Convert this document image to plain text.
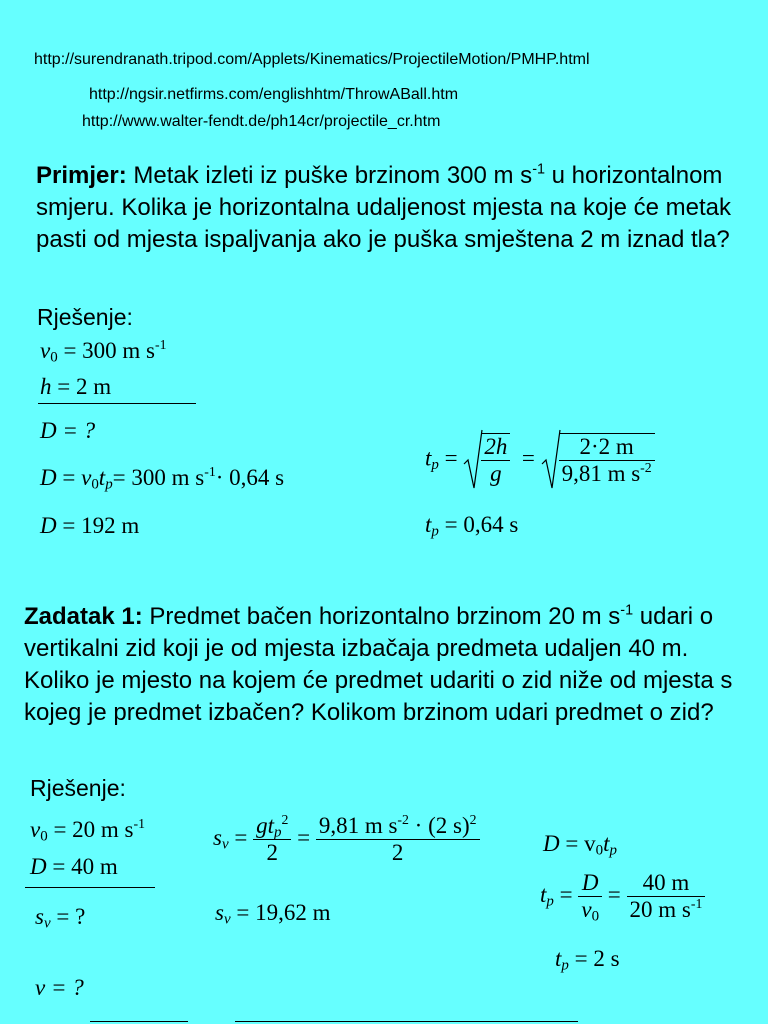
http://surendranath.tripod.com/Applets/Kinematics/ProjectileMotion/PMHP.html
http://ngsir.netfirms.com/englishhtm/ThrowABall.htm
http://www.walter-fendt.de/ph14cr/projectile_cr.htm
Primjer: Metak izleti iz puške brzinom 300 m $s^{-1}$ u horizontalnom smjeru. Kolika je horizontalna udaljenost mjesta na koje će metak pasti od mjesta ispaljvanja ako je puška smještena 2 m iznad tla?
Rješenje:
$v_0 = 300$ m $s^{-1}$
h = 2 m
D = ?
$D = v_0t_p= 300$ m $s^{-1}\cdot 0,64$ s
D = 192 m
$t_p = \frac{2h}{g} = \frac{2\cdot 2 m}{9,81 m s^{-2}}$
$t_p = 0,64$ s
Zadatak 1: Predmet bačen horizontalno brzinom 20 m $s^{-1}$ udari o vertikalni zid koji je od mjesta izbačaja predmeta udaljen 40 m. Koliko je mjesto na kojem će predmet udariti o zid niže od mjesta s kojeg je predmet izbačen? Kolikom brzinom udari predmet o zid?
Rješenje:
$v_0 = 20$ m $s^{-1}$
D = 40 m
$s_v$ = ?
v = ?
$s_v = \frac{gt_p^2}{2} = \frac{9,81 m s^{-2} \cdot (2 s)^2}{2}$
$s_v = 19,62$ m
$D = v_0t_p$
$t_p = \frac{D}{v_0} = \frac{40 m}{20 m s^{-1}}$
$t_p = 2$ s
